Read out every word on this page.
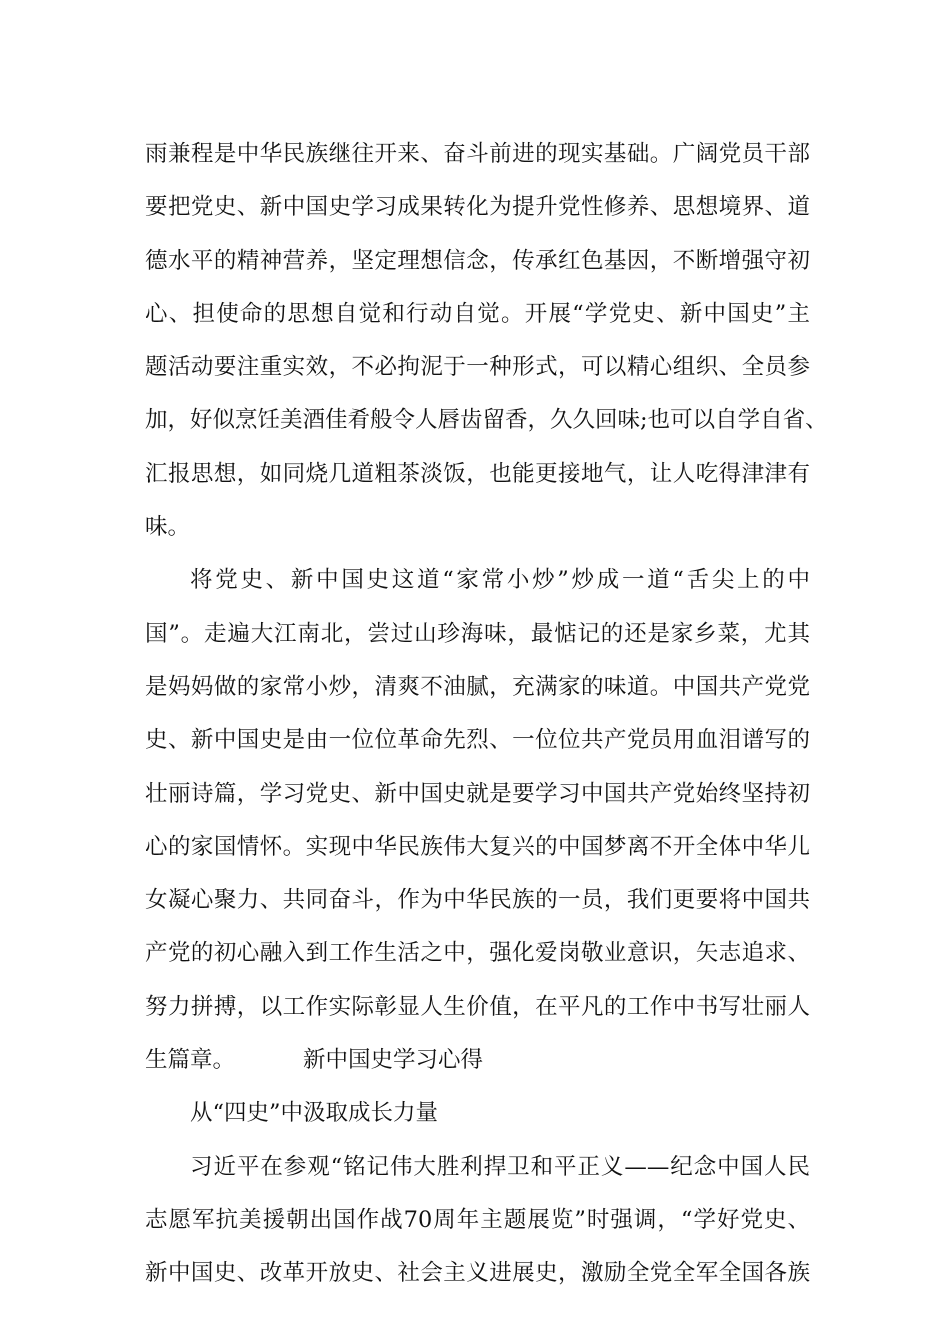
雨兼程是中华民族继往开来、奋斗前进的现实基础。广阔党员干部
要把党史、新中国史学习成果转化为提升党性修养、思想境界、道
德水平的精神营养，坚定理想信念，传承红色基因，不断增强守初
心、担使命的思想自觉和行动自觉。开展“学党史、新中国史”主
题活动要注重实效，不必拘泥于一种形式，可以精心组织、全员参
加，好似烹饪美酒佳肴般令人唇齿留香，久久回味;也可以自学自省、
汇报思想，如同烧几道粗茶淡饭，也能更接地气，让人吃得津津有
味。
将党史、新中国史这道“家常小炒”炒成一道“舌尖上的中
国”。走遍大江南北，尝过山珍海味，最惦记的还是家乡菜，尤其
是妈妈做的家常小炒，清爽不油腻，充满家的味道。中国共产党党
史、新中国史是由一位位革命先烈、一位位共产党员用血泪谱写的
壮丽诗篇，学习党史、新中国史就是要学习中国共产党始终坚持初
心的家国情怀。实现中华民族伟大复兴的中国梦离不开全体中华儿
女凝心聚力、共同奋斗，作为中华民族的一员，我们更要将中国共
产党的初心融入到工作生活之中，强化爱岗敬业意识，矢志追求、
努力拼搏，以工作实际彰显人生价值，在平凡的工作中书写壮丽人
生篇章。	新中国史学习心得
从“四史”中汲取成长力量
习近平在参观“铭记伟大胜利捍卫和平正义——纪念中国人民
志愿军抗美援朝出国作战70周年主题展览”时强调，“学好党史、
新中国史、改革开放史、社会主义进展史，激励全党全军全国各族
